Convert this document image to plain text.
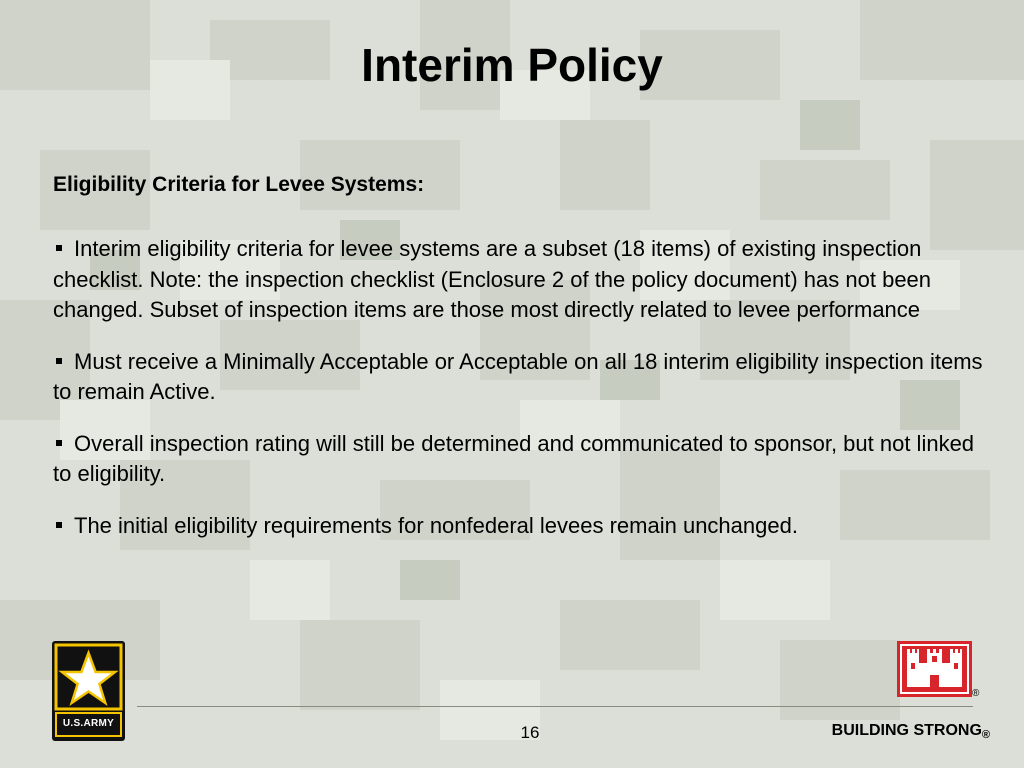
Interim Policy

Eligibility Criteria for Levee Systems:

Interim eligibility criteria for levee systems are a subset (18 items) of existing inspection checklist. Note: the inspection checklist (Enclosure 2 of the policy document) has not been changed. Subset of inspection items are those most directly related to levee performance
Must receive a Minimally Acceptable or Acceptable on all 18 interim eligibility inspection items to remain Active.
Overall inspection rating will still be determined and communicated to sponsor, but not linked to eligibility.
The initial eligibility requirements for nonfederal levees remain unchanged.
U.S.ARMY
®
16	BUILDING $STRONG_®$
